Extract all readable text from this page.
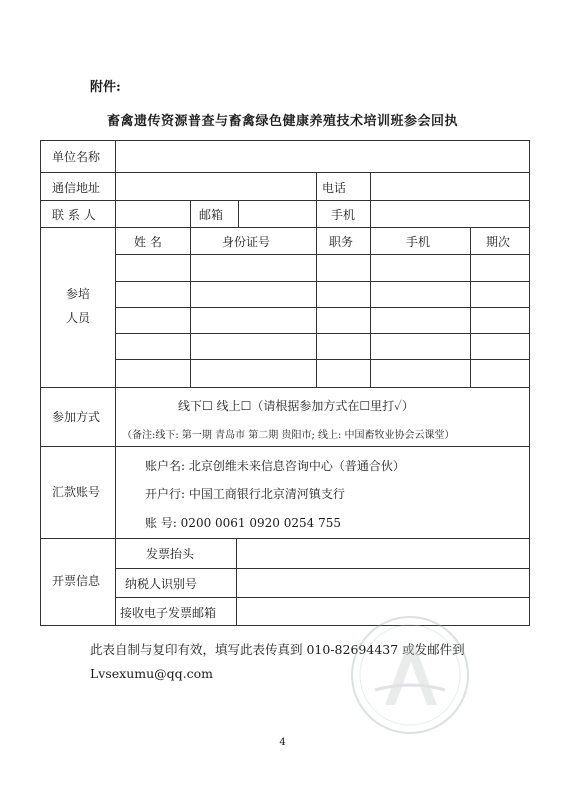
附件:
畜禽遗传资源普查与畜禽绿色健康养殖技术培训班参会回执
单位名称
通信地址	电话
联 系 人	邮箱	手机
参培
人员
姓 名	身份证号	职务	手机	期次
参加方式
线下☐ 线上☐（请根据参加方式在☐里打✓）
（备注:线下: 第一期 青岛市 第二期 贵阳市; 线上: 中国畜牧业协会云课堂）
汇款账号
账户名: 北京创维未来信息咨询中心（普通合伙）
开户行: 中国工商银行北京清河镇支行
账 号: 0200 0061 0920 0254 755
开票信息
发票抬头
纳税人识别号
接收电子发票邮箱
此表自制与复印有效，填写此表传真到 010-82694437 或发邮件到
Lvsexumu@qq.com
4
